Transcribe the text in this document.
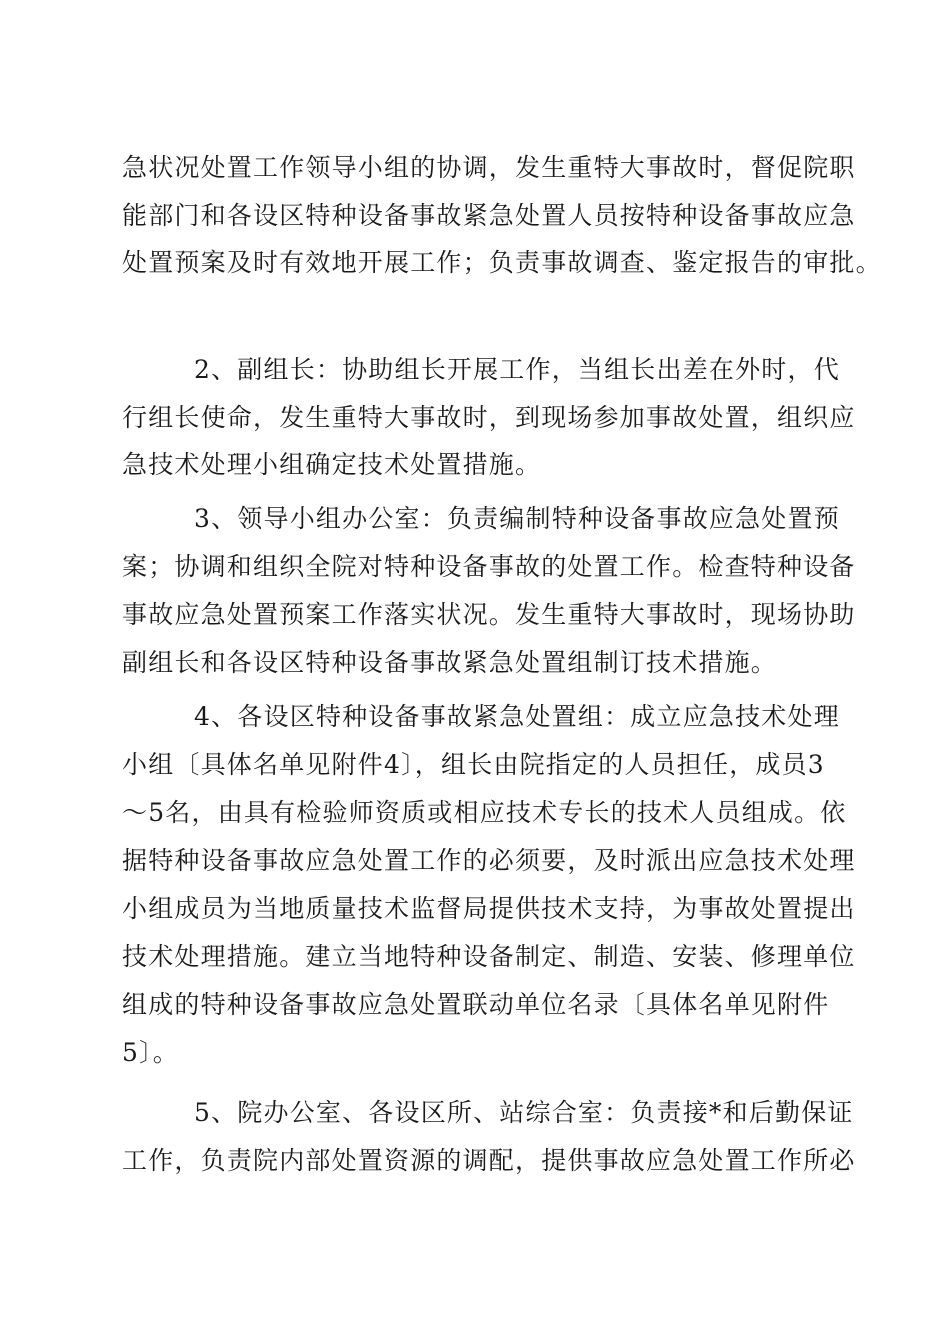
急状况处置工作领导小组的协调，发生重特大事故时，督促院职
能部门和各设区特种设备事故紧急处置人员按特种设备事故应急
处置预案及时有效地开展工作；负责事故调查、鉴定报告的审批。
2、副组长：协助组长开展工作，当组长出差在外时，代
行组长使命，发生重特大事故时，到现场参加事故处置，组织应
急技术处理小组确定技术处置措施。
3、领导小组办公室：负责编制特种设备事故应急处置预
案；协调和组织全院对特种设备事故的处置工作。检查特种设备
事故应急处置预案工作落实状况。发生重特大事故时，现场协助
副组长和各设区特种设备事故紧急处置组制订技术措施。
4、各设区特种设备事故紧急处置组：成立应急技术处理
小组〔具体名单见附件4〕，组长由院指定的人员担任，成员3
～5名，由具有检验师资质或相应技术专长的技术人员组成。依
据特种设备事故应急处置工作的必须要，及时派出应急技术处理
小组成员为当地质量技术监督局提供技术支持，为事故处置提出
技术处理措施。建立当地特种设备制定、制造、安装、修理单位
组成的特种设备事故应急处置联动单位名录〔具体名单见附件
5〕。
5、院办公室、各设区所、站综合室：负责接*和后勤保证
工作，负责院内部处置资源的调配，提供事故应急处置工作所必
